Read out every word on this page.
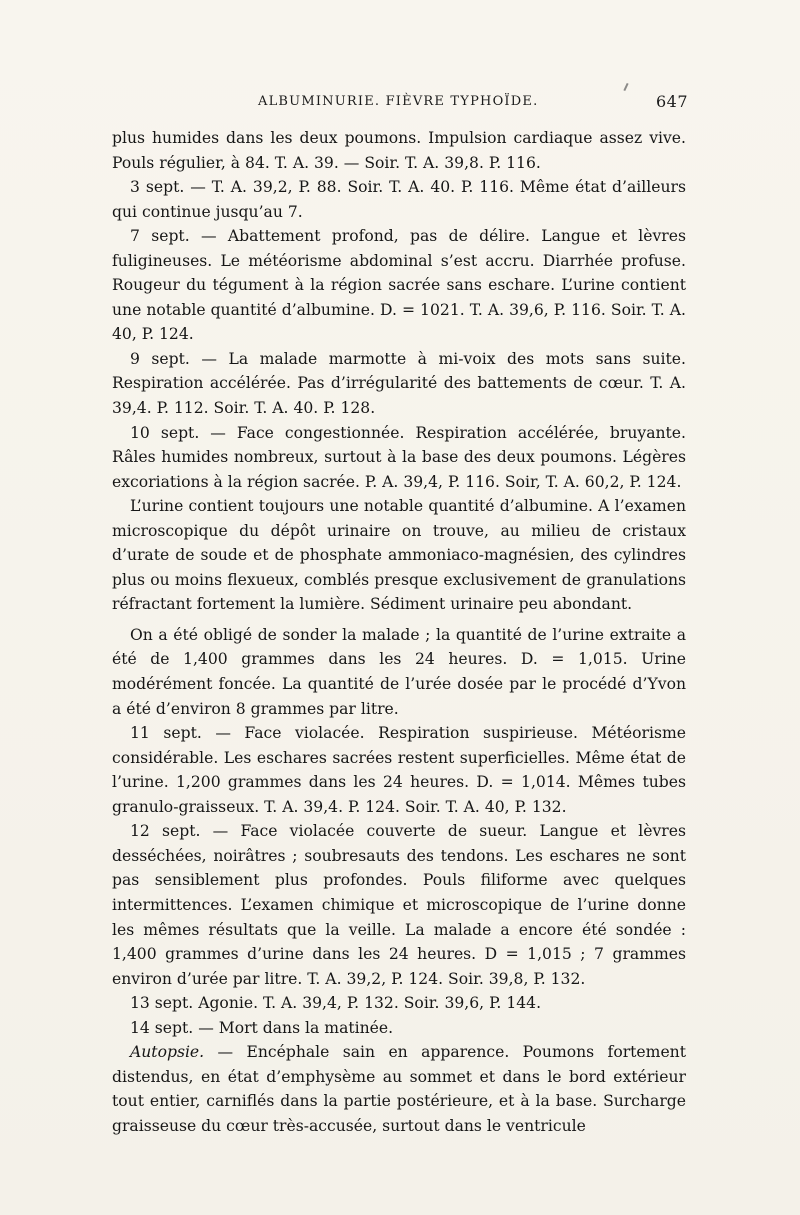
ALBUMINURIE. FIÈVRE TYPHOÏDE.	647

plus humides dans les deux poumons. Impulsion cardiaque assez vive. Pouls régulier, à 84. T. A. 39. — Soir. T. A. 39,8. P. 116.

3 sept. — T. A. 39,2, P. 88. Soir. T. A. 40. P. 116. Même état d’ailleurs qui continue jusqu’au 7.

7 sept. — Abattement profond, pas de délire. Langue et lèvres fuligineuses. Le météorisme abdominal s’est accru. Diarrhée profuse. Rougeur du tégument à la région sacrée sans eschare. L’urine contient une notable quantité d’albumine. D. = 1021. T. A. 39,6, P. 116. Soir. T. A. 40, P. 124.

9 sept. — La malade marmotte à mi-voix des mots sans suite. Respiration accélérée. Pas d’irrégularité des battements de cœur. T. A. 39,4. P. 112. Soir. T. A. 40. P. 128.

10 sept. — Face congestionnée. Respiration accélérée, bruyante. Râles humides nombreux, surtout à la base des deux poumons. Légères excoriations à la région sacrée. P. A. 39,4, P. 116. Soir, T. A. 60,2, P. 124.

L’urine contient toujours une notable quantité d’albumine. A l’examen microscopique du dépôt urinaire on trouve, au milieu de cristaux d’urate de soude et de phosphate ammoniaco-magnésien, des cylindres plus ou moins flexueux, comblés presque exclusivement de granulations réfractant fortement la lumière. Sédiment urinaire peu abondant.

On a été obligé de sonder la malade ; la quantité de l’urine extraite a été de 1,400 grammes dans les 24 heures. D. = 1,015. Urine modérément foncée. La quantité de l’urée dosée par le procédé d’Yvon a été d’environ 8 grammes par litre.

11 sept. — Face violacée. Respiration suspirieuse. Météorisme considérable. Les eschares sacrées restent superficielles. Même état de l’urine. 1,200 grammes dans les 24 heures. D. = 1,014. Mêmes tubes granulo-graisseux. T. A. 39,4. P. 124. Soir. T. A. 40, P. 132.

12 sept. — Face violacée couverte de sueur. Langue et lèvres desséchées, noirâtres ; soubresauts des tendons. Les eschares ne sont pas sensiblement plus profondes. Pouls filiforme avec quelques intermittences. L’examen chimique et microscopique de l’urine donne les mêmes résultats que la veille. La malade a encore été sondée : 1,400 grammes d’urine dans les 24 heures. D = 1,015 ; 7 grammes environ d’urée par litre. T. A. 39,2, P. 124. Soir. 39,8, P. 132.

13 sept. Agonie. T. A. 39,4, P. 132. Soir. 39,6, P. 144.

14 sept. — Mort dans la matinée.

Autopsie. — Encéphale sain en apparence. Poumons fortement distendus, en état d’emphysème au sommet et dans le bord extérieur tout entier, carniflés dans la partie postérieure, et à la base. Surcharge graisseuse du cœur très-accusée, surtout dans le ventricule
